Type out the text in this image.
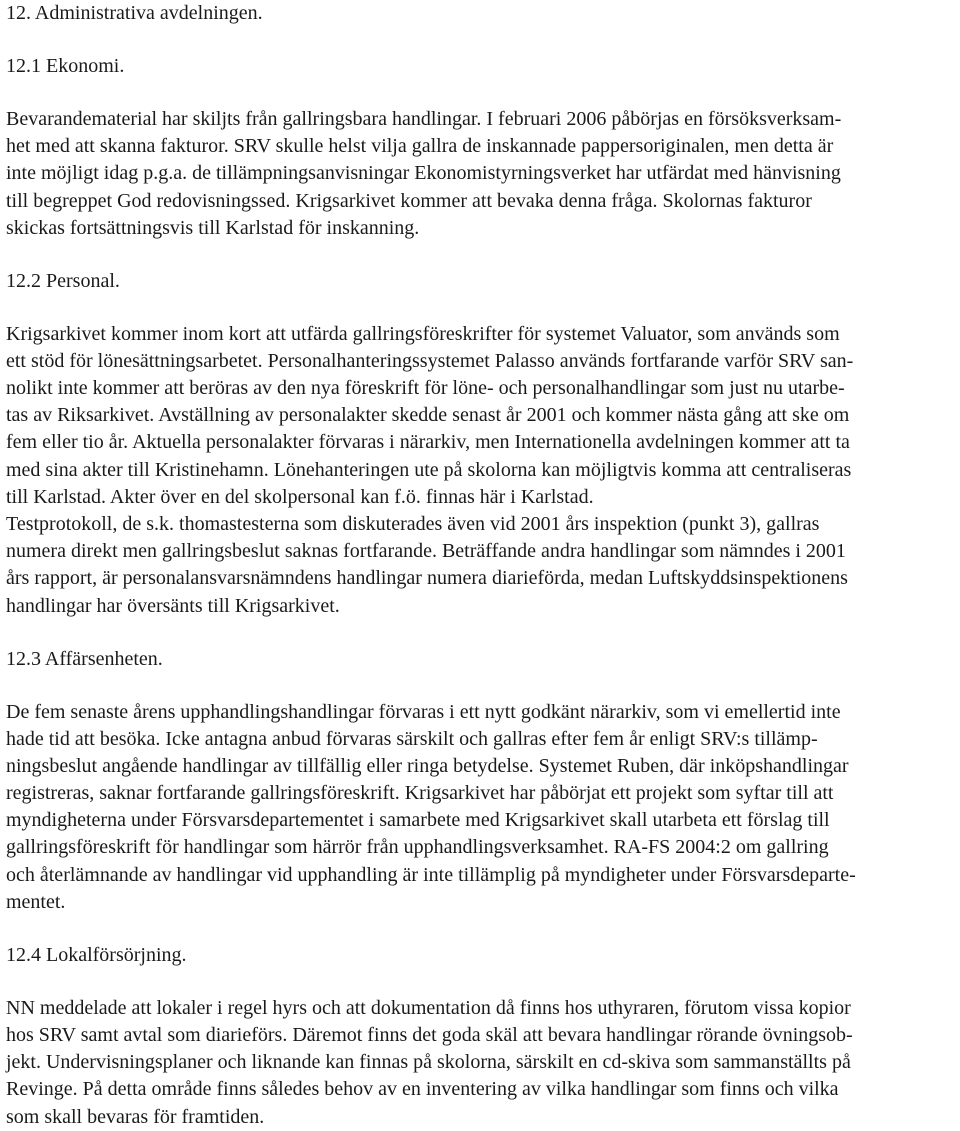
12. Administrativa avdelningen.
12.1 Ekonomi.
Bevarandematerial har skiljts från gallringsbara handlingar. I februari 2006 påbörjas en försöksverksam-
het med att skanna fakturor. SRV skulle helst vilja gallra de inskannade pappersoriginalen, men detta är
inte möjligt idag p.g.a. de tillämpningsanvisningar Ekonomistyrningsverket har utfärdat med hänvisning
till begreppet God redovisningssed. Krigsarkivet kommer att bevaka denna fråga. Skolornas fakturor
skickas fortsättningsvis till Karlstad för inskanning.
12.2 Personal.
Krigsarkivet kommer inom kort att utfärda gallringsföreskrifter för systemet Valuator, som används som
ett stöd för lönesättningsarbetet. Personalhanteringssystemet Palasso används fortfarande varför SRV san-
nolikt inte kommer att beröras av den nya föreskrift för löne- och personalhandlingar som just nu utarbe-
tas av Riksarkivet. Avställning av personalakter skedde senast år 2001 och kommer nästa gång att ske om
fem eller tio år. Aktuella personalakter förvaras i närarkiv, men Internationella avdelningen kommer att ta
med sina akter till Kristinehamn. Lönehanteringen ute på skolorna kan möjligtvis komma att centraliseras
till Karlstad. Akter över en del skolpersonal kan f.ö. finnas här i Karlstad.
Testprotokoll, de s.k. thomastesterna som diskuterades även vid 2001 års inspektion (punkt 3), gallras
numera direkt men gallringsbeslut saknas fortfarande. Beträffande andra handlingar som nämndes i 2001
års rapport, är personalansvarsnämndens handlingar numera diarieförda, medan Luftskyddsinspektionens
handlingar har översänts till Krigsarkivet.
12.3 Affärsenheten.
De fem senaste årens upphandlingshandlingar förvaras i ett nytt godkänt närarkiv, som vi emellertid inte
hade tid att besöka. Icke antagna anbud förvaras särskilt och gallras efter fem år enligt SRV:s tillämp-
ningsbeslut angående handlingar av tillfällig eller ringa betydelse. Systemet Ruben, där inköpshandlingar
registreras, saknar fortfarande gallringsföreskrift. Krigsarkivet har påbörjat ett projekt som syftar till att
myndigheterna under Försvarsdepartementet i samarbete med Krigsarkivet skall utarbeta ett förslag till
gallringsföreskrift för handlingar som härrör från upphandlingsverksamhet. RA-FS 2004:2 om gallring
och återlämnande av handlingar vid upphandling är inte tillämplig på myndigheter under Försvarsdeparte-
mentet.
12.4 Lokalförsörjning.
NN meddelade att lokaler i regel hyrs och att dokumentation då finns hos uthyraren, förutom vissa kopior
hos SRV samt avtal som diarieförs. Däremot finns det goda skäl att bevara handlingar rörande övningsob-
jekt. Undervisningsplaner och liknande kan finnas på skolorna, särskilt en cd-skiva som sammanställts på
Revinge. På detta område finns således behov av en inventering av vilka handlingar som finns och vilka
som skall bevaras för framtiden.
